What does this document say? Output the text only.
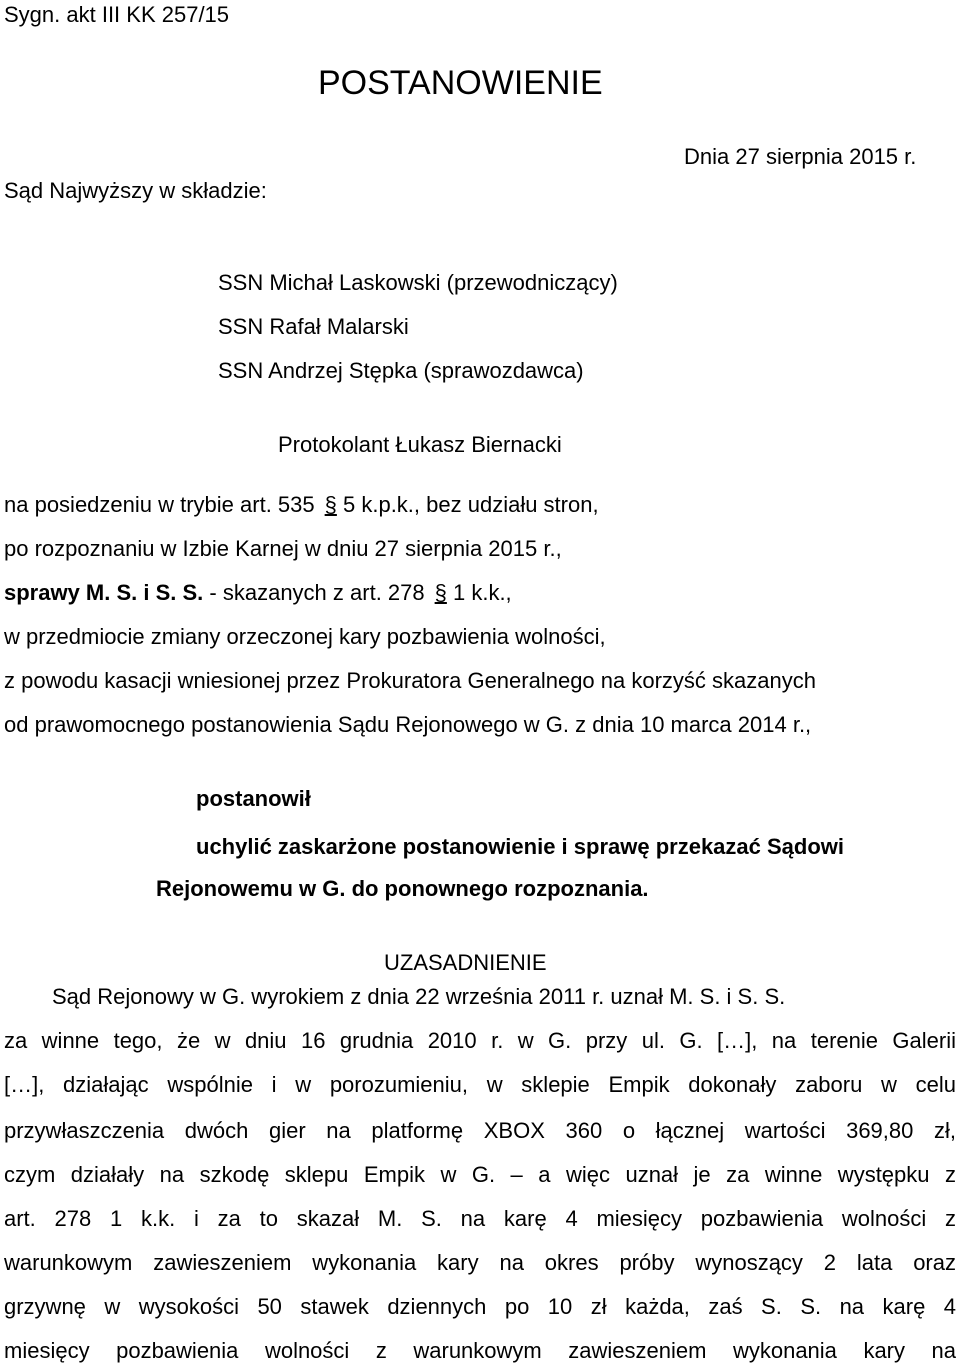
Sygn. akt III KK 257/15
POSTANOWIENIE
Dnia 27 sierpnia 2015 r.
Sąd Najwyższy w składzie:
SSN Michał Laskowski (przewodniczący)
SSN Rafał Malarski
SSN Andrzej Stępka (sprawozdawca)
Protokolant Łukasz Biernacki
na posiedzeniu w trybie art. 535 § 5 k.p.k., bez udziału stron,
po rozpoznaniu w Izbie Karnej w dniu 27 sierpnia 2015 r.,
sprawy M. S. i S. S. - skazanych z art. 278 § 1 k.k.,
w przedmiocie zmiany orzeczonej kary pozbawienia wolności,
z powodu kasacji wniesionej przez Prokuratora Generalnego na korzyść skazanych
od prawomocnego postanowienia Sądu Rejonowego w G. z dnia 10 marca 2014 r.,
postanowił
uchylić zaskarżone postanowienie i sprawę przekazać Sądowi
Rejonowemu w G. do ponownego rozpoznania.
UZASADNIENIE
Sąd Rejonowy w G. wyrokiem z dnia 22 września 2011 r. uznał M. S. i S. S.
za winne tego, że w dniu 16 grudnia 2010 r. w G. przy ul. G. […], na terenie Galerii
[…], działając wspólnie i w porozumieniu, w sklepie Empik dokonały zaboru w celu
przywłaszczenia dwóch gier na platformę XBOX 360 o łącznej wartości 369,80 zł,
czym działały na szkodę sklepu Empik w G. – a więc uznał je za winne występku z
art. 278 1 k.k. i za to skazał M. S. na karę 4 miesięcy pozbawienia wolności z
warunkowym zawieszeniem wykonania kary na okres próby wynoszący 2 lata oraz
grzywnę w wysokości 50 stawek dziennych po 10 zł każda, zaś S. S. na karę 4
miesięcy pozbawienia wolności z warunkowym zawieszeniem wykonania kary na
